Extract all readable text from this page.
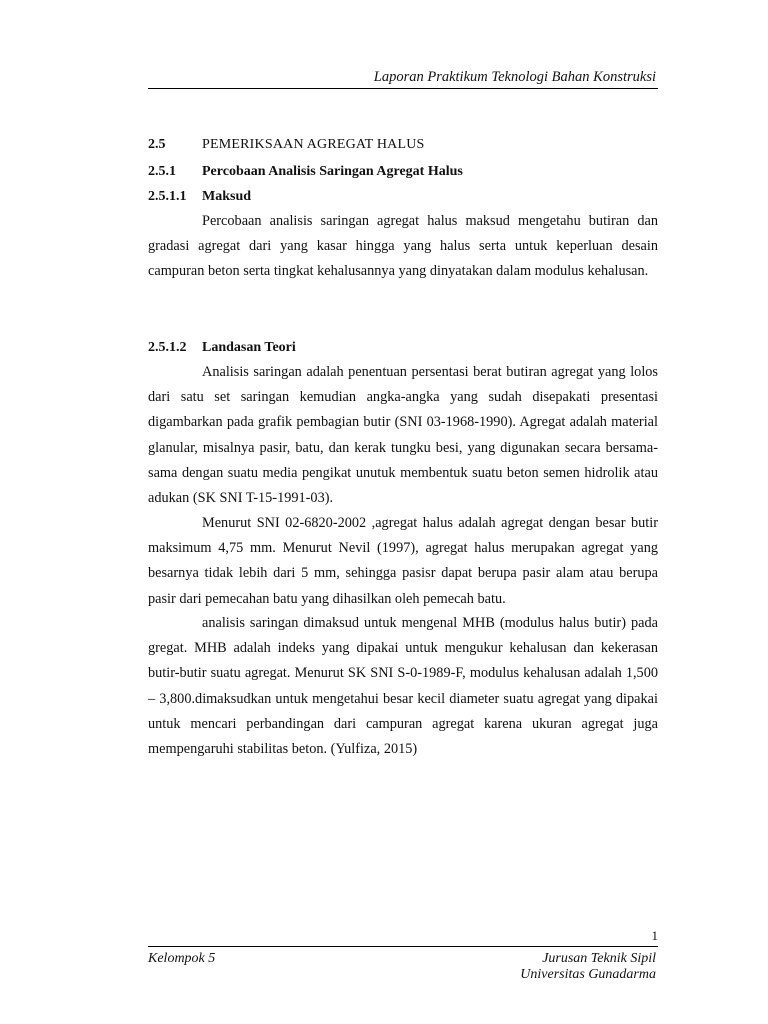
Laporan Praktikum Teknologi Bahan Konstruksi
2.5	PEMERIKSAAN AGREGAT HALUS
2.5.1 Percobaan Analisis Saringan Agregat Halus
2.5.1.1 Maksud

Percobaan analisis saringan agregat halus maksud mengetahu butiran dan gradasi agregat dari yang kasar hingga yang halus serta untuk keperluan desain campuran beton serta tingkat kehalusannya yang dinyatakan dalam modulus kehalusan.

2.5.1.2 Landasan Teori

Analisis saringan adalah penentuan persentasi berat butiran agregat yang lolos dari satu set saringan kemudian angka-angka yang sudah disepakati presentasi digambarkan pada grafik pembagian butir (SNI 03-1968-1990). Agregat adalah material glanular, misalnya pasir, batu, dan kerak tungku besi, yang digunakan secara bersama-sama dengan suatu media pengikat unutuk membentuk suatu beton semen hidrolik atau adukan (SK SNI T-15-1991-03).

Menurut SNI 02-6820-2002 ,agregat halus adalah agregat dengan besar butir maksimum 4,75 mm. Menurut Nevil (1997), agregat halus merupakan agregat yang besarnya tidak lebih dari 5 mm, sehingga pasisr dapat berupa pasir alam atau berupa pasir dari pemecahan batu yang dihasilkan oleh pemecah batu.

analisis saringan dimaksud untuk mengenal MHB (modulus halus butir) pada gregat. MHB adalah indeks yang dipakai untuk mengukur kehalusan dan kekerasan butir-butir suatu agregat. Menurut SK SNI S-0-1989-F, modulus kehalusan adalah 1,500 – 3,800.dimaksudkan untuk mengetahui besar kecil diameter suatu agregat yang dipakai untuk mencari perbandingan dari campuran agregat karena ukuran agregat juga mempengaruhi stabilitas beton. (Yulfiza, 2015)

1
Kelompok 5	Jurusan Teknik Sipil
Universitas Gunadarma
